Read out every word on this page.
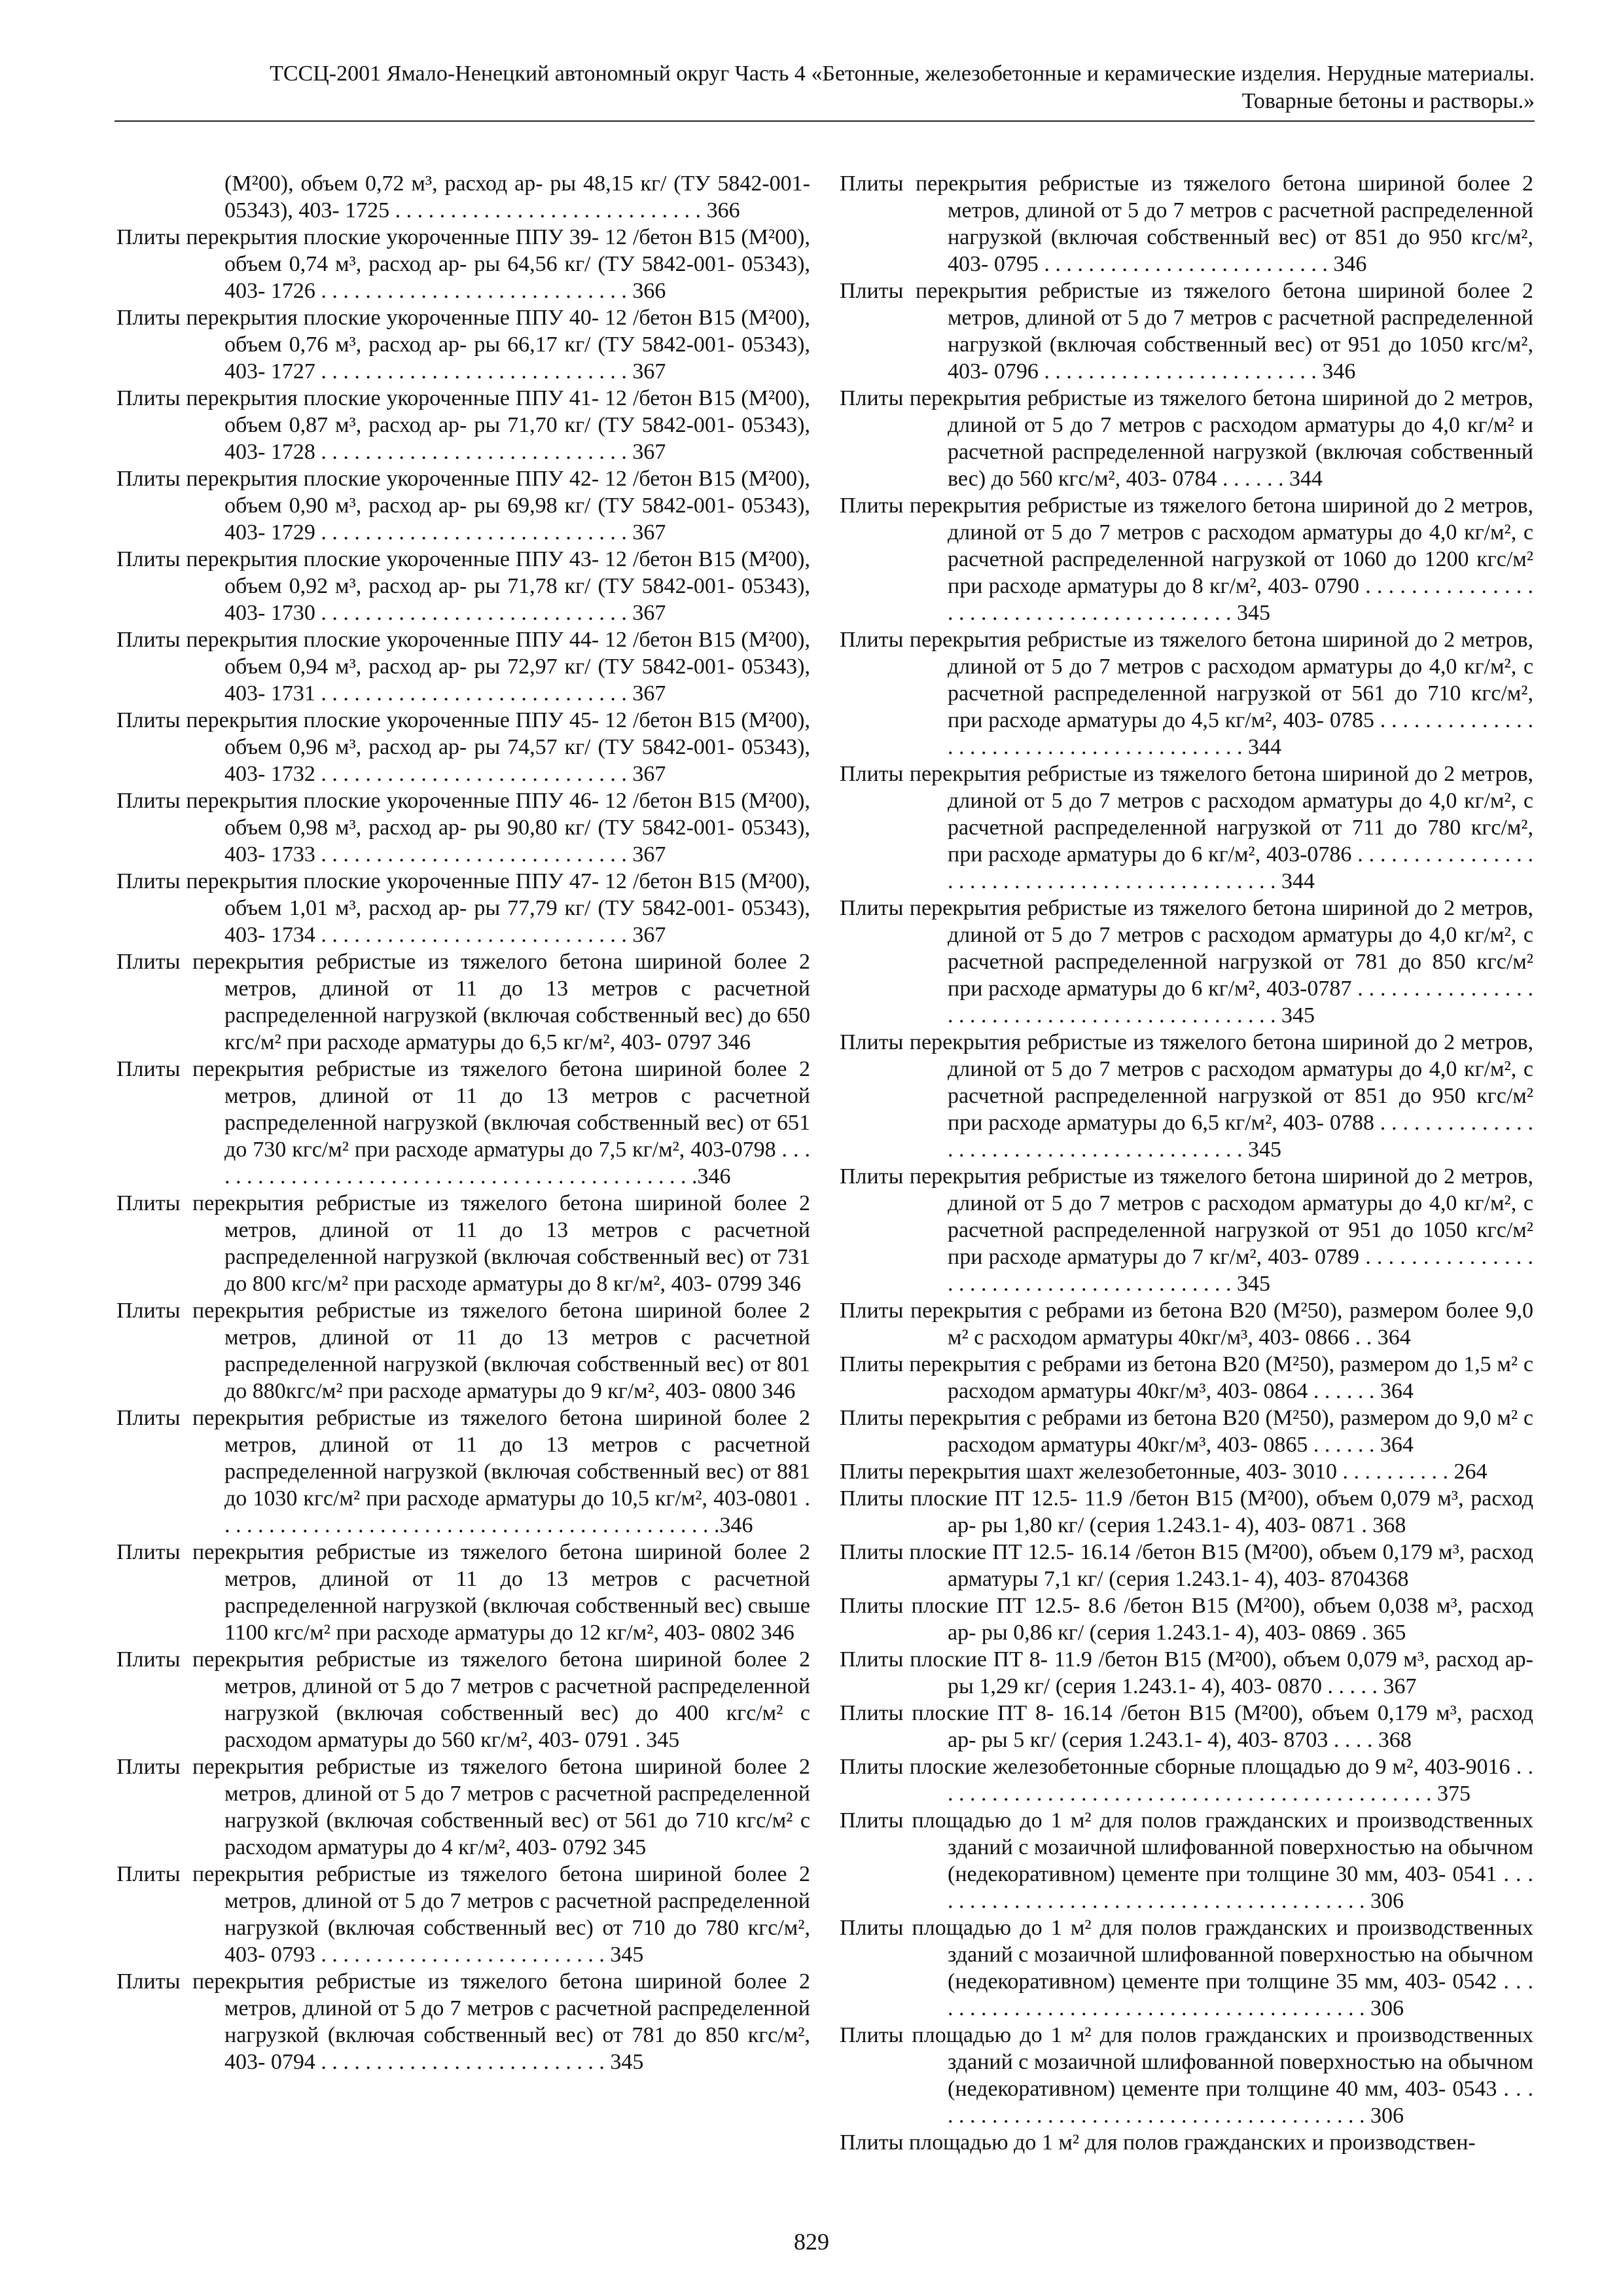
ТССЦ-2001 Ямало-Ненецкий автономный округ Часть 4 «Бетонные, железобетонные и керамические изделия. Нерудные материалы.
Товарные бетоны и растворы.»

(М²00), объем 0,72 м³, расход ар- ры 48,15 кг/ (ТУ 5842-001- 05343), 403- 1725 . . . . . . . . . . . . . . . . . . . . . . . . . . . . 366

Плиты перекрытия плоские укороченные ППУ 39- 12 /бетон В15 (М²00), объем 0,74 м³, расход ар- ры 64,56 кг/ (ТУ 5842-001- 05343), 403- 1726 . . . . . . . . . . . . . . . . . . . . . . . . . . . . 366

Плиты перекрытия плоские укороченные ППУ 40- 12 /бетон В15 (М²00), объем 0,76 м³, расход ар- ры 66,17 кг/ (ТУ 5842-001- 05343), 403- 1727 . . . . . . . . . . . . . . . . . . . . . . . . . . . . 367

Плиты перекрытия плоские укороченные ППУ 41- 12 /бетон В15 (М²00), объем 0,87 м³, расход ар- ры 71,70 кг/ (ТУ 5842-001- 05343), 403- 1728 . . . . . . . . . . . . . . . . . . . . . . . . . . . . 367

Плиты перекрытия плоские укороченные ППУ 42- 12 /бетон В15 (М²00), объем 0,90 м³, расход ар- ры 69,98 кг/ (ТУ 5842-001- 05343), 403- 1729 . . . . . . . . . . . . . . . . . . . . . . . . . . . . 367

Плиты перекрытия плоские укороченные ППУ 43- 12 /бетон В15 (М²00), объем 0,92 м³, расход ар- ры 71,78 кг/ (ТУ 5842-001- 05343), 403- 1730 . . . . . . . . . . . . . . . . . . . . . . . . . . . . 367

Плиты перекрытия плоские укороченные ППУ 44- 12 /бетон В15 (М²00), объем 0,94 м³, расход ар- ры 72,97 кг/ (ТУ 5842-001- 05343), 403- 1731 . . . . . . . . . . . . . . . . . . . . . . . . . . . . 367

Плиты перекрытия плоские укороченные ППУ 45- 12 /бетон В15 (М²00), объем 0,96 м³, расход ар- ры 74,57 кг/ (ТУ 5842-001- 05343), 403- 1732 . . . . . . . . . . . . . . . . . . . . . . . . . . . . 367

Плиты перекрытия плоские укороченные ППУ 46- 12 /бетон В15 (М²00), объем 0,98 м³, расход ар- ры 90,80 кг/ (ТУ 5842-001- 05343), 403- 1733 . . . . . . . . . . . . . . . . . . . . . . . . . . . . 367

Плиты перекрытия плоские укороченные ППУ 47- 12 /бетон В15 (М²00), объем 1,01 м³, расход ар- ры 77,79 кг/ (ТУ 5842-001- 05343), 403- 1734 . . . . . . . . . . . . . . . . . . . . . . . . . . . . 367

Плиты перекрытия ребристые из тяжелого бетона шириной более 2 метров, длиной от 11 до 13 метров с расчетной распределенной нагрузкой (включая собственный вес) до 650 кгс/м² при расходе арматуры до 6,5 кг/м², 403- 0797 346

Плиты перекрытия ребристые из тяжелого бетона шириной более 2 метров, длиной от 11 до 13 метров с расчетной распределенной нагрузкой (включая собственный вес) от 651 до 730 кгс/м² при расходе арматуры до 7,5 кг/м², 403-0798 . . . . . . . . . . . . . . . . . . . . . . . . . . . . . . . . . . . . . . . . . . . . . .346

Плиты перекрытия ребристые из тяжелого бетона шириной более 2 метров, длиной от 11 до 13 метров с расчетной распределенной нагрузкой (включая собственный вес) от 731 до 800 кгс/м² при расходе арматуры до 8 кг/м², 403- 0799 346

Плиты перекрытия ребристые из тяжелого бетона шириной более 2 метров, длиной от 11 до 13 метров с расчетной распределенной нагрузкой (включая собственный вес) от 801 до 880кгс/м² при расходе арматуры до 9 кг/м², 403- 0800 346

Плиты перекрытия ребристые из тяжелого бетона шириной более 2 метров, длиной от 11 до 13 метров с расчетной распределенной нагрузкой (включая собственный вес) от 881 до 1030 кгс/м² при расходе арматуры до 10,5 кг/м², 403-0801 . . . . . . . . . . . . . . . . . . . . . . . . . . . . . . . . . . . . . . . . . . . . . .346

Плиты перекрытия ребристые из тяжелого бетона шириной более 2 метров, длиной от 11 до 13 метров с расчетной распределенной нагрузкой (включая собственный вес) свыше 1100 кгс/м² при расходе арматуры до 12 кг/м², 403- 0802 346

Плиты перекрытия ребристые из тяжелого бетона шириной более 2 метров, длиной от 5 до 7 метров с расчетной распределенной нагрузкой (включая собственный вес) до 400 кгс/м² с расходом арматуры до 560 кг/м², 403- 0791 . 345

Плиты перекрытия ребристые из тяжелого бетона шириной более 2 метров, длиной от 5 до 7 метров с расчетной распределенной нагрузкой (включая собственный вес) от 561 до 710 кгс/м² с расходом арматуры до 4 кг/м², 403- 0792 345

Плиты перекрытия ребристые из тяжелого бетона шириной более 2 метров, длиной от 5 до 7 метров с расчетной распределенной нагрузкой (включая собственный вес) от 710 до 780 кгс/м², 403- 0793 . . . . . . . . . . . . . . . . . . . . . . . . . . 345

Плиты перекрытия ребристые из тяжелого бетона шириной более 2 метров, длиной от 5 до 7 метров с расчетной распределенной нагрузкой (включая собственный вес) от 781 до 850 кгс/м², 403- 0794 . . . . . . . . . . . . . . . . . . . . . . . . . . 345

Плиты перекрытия ребристые из тяжелого бетона шириной более 2 метров, длиной от 5 до 7 метров с расчетной распределенной нагрузкой (включая собственный вес) от 851 до 950 кгс/м², 403- 0795 . . . . . . . . . . . . . . . . . . . . . . . . . . 346

Плиты перекрытия ребристые из тяжелого бетона шириной более 2 метров, длиной от 5 до 7 метров с расчетной распределенной нагрузкой (включая собственный вес) от 951 до 1050 кгс/м², 403- 0796 . . . . . . . . . . . . . . . . . . . . . . . . . 346

Плиты перекрытия ребристые из тяжелого бетона шириной до 2 метров, длиной от 5 до 7 метров с расходом арматуры до 4,0 кг/м² и расчетной распределенной нагрузкой (включая собственный вес) до 560 кгс/м², 403- 0784 . . . . . . 344

Плиты перекрытия ребристые из тяжелого бетона шириной до 2 метров, длиной от 5 до 7 метров с расходом арматуры до 4,0 кг/м², с расчетной распределенной нагрузкой от 1060 до 1200 кгс/м² при расходе арматуры до 8 кг/м², 403- 0790 . . . . . . . . . . . . . . . . . . . . . . . . . . . . . . . . . . . . . . . . . 345

Плиты перекрытия ребристые из тяжелого бетона шириной до 2 метров, длиной от 5 до 7 метров с расходом арматуры до 4,0 кг/м², с расчетной распределенной нагрузкой от 561 до 710 кгс/м², при расходе арматуры до 4,5 кг/м², 403- 0785 . . . . . . . . . . . . . . . . . . . . . . . . . . . . . . . . . . . . . . . . . 344

Плиты перекрытия ребристые из тяжелого бетона шириной до 2 метров, длиной от 5 до 7 метров с расходом арматуры до 4,0 кг/м², с расчетной распределенной нагрузкой от 711 до 780 кгс/м², при расходе арматуры до 6 кг/м², 403-0786 . . . . . . . . . . . . . . . . . . . . . . . . . . . . . . . . . . . . . . . . . . . . . . 344

Плиты перекрытия ребристые из тяжелого бетона шириной до 2 метров, длиной от 5 до 7 метров с расходом арматуры до 4,0 кг/м², с расчетной распределенной нагрузкой от 781 до 850 кгс/м² при расходе арматуры до 6 кг/м², 403-0787 . . . . . . . . . . . . . . . . . . . . . . . . . . . . . . . . . . . . . . . . . . . . . . 345

Плиты перекрытия ребристые из тяжелого бетона шириной до 2 метров, длиной от 5 до 7 метров с расходом арматуры до 4,0 кг/м², с расчетной распределенной нагрузкой от 851 до 950 кгс/м² при расходе арматуры до 6,5 кг/м², 403- 0788 . . . . . . . . . . . . . . . . . . . . . . . . . . . . . . . . . . . . . . . . . 345

Плиты перекрытия ребристые из тяжелого бетона шириной до 2 метров, длиной от 5 до 7 метров с расходом арматуры до 4,0 кг/м², с расчетной распределенной нагрузкой от 951 до 1050 кгс/м² при расходе арматуры до 7 кг/м², 403- 0789 . . . . . . . . . . . . . . . . . . . . . . . . . . . . . . . . . . . . . . . . . 345

Плиты перекрытия с ребрами из бетона В20 (М²50), размером более 9,0 м² с расходом арматуры 40кг/м³, 403- 0866 . . 364

Плиты перекрытия с ребрами из бетона В20 (М²50), размером до 1,5 м² с расходом арматуры 40кг/м³, 403- 0864 . . . . . . 364

Плиты перекрытия с ребрами из бетона В20 (М²50), размером до 9,0 м² с расходом арматуры 40кг/м³, 403- 0865 . . . . . . 364

Плиты перекрытия шахт железобетонные, 403- 3010 . . . . . . . . . . 264

Плиты плоские ПТ 12.5- 11.9 /бетон В15 (М²00), объем 0,079 м³, расход ар- ры 1,80 кг/ (серия 1.243.1- 4), 403- 0871 . 368

Плиты плоские ПТ 12.5- 16.14 /бетон В15 (М²00), объем 0,179 м³, расход арматуры 7,1 кг/ (серия 1.243.1- 4), 403- 8704368

Плиты плоские ПТ 12.5- 8.6 /бетон В15 (М²00), объем 0,038 м³, расход ар- ры 0,86 кг/ (серия 1.243.1- 4), 403- 0869 . 365

Плиты плоские ПТ 8- 11.9 /бетон В15 (М²00), объем 0,079 м³, расход ар- ры 1,29 кг/ (серия 1.243.1- 4), 403- 0870 . . . . . 367

Плиты плоские ПТ 8- 16.14 /бетон В15 (М²00), объем 0,179 м³, расход ар- ры 5 кг/ (серия 1.243.1- 4), 403- 8703 . . . . 368

Плиты плоские железобетонные сборные площадью до 9 м², 403-9016 . . . . . . . . . . . . . . . . . . . . . . . . . . . . . . . . . . . . . . . . . . . . . . 375

Плиты площадью до 1 м² для полов гражданских и производственных зданий с мозаичной шлифованной поверхностью на обычном (недекоративном) цементе при толщине 30 мм, 403- 0541 . . . . . . . . . . . . . . . . . . . . . . . . . . . . . . . . . . . . . . . . . 306

Плиты площадью до 1 м² для полов гражданских и производственных зданий с мозаичной шлифованной поверхностью на обычном (недекоративном) цементе при толщине 35 мм, 403- 0542 . . . . . . . . . . . . . . . . . . . . . . . . . . . . . . . . . . . . . . . . . 306

Плиты площадью до 1 м² для полов гражданских и производственных зданий с мозаичной шлифованной поверхностью на обычном (недекоративном) цементе при толщине 40 мм, 403- 0543 . . . . . . . . . . . . . . . . . . . . . . . . . . . . . . . . . . . . . . . . . 306

Плиты площадью до 1 м² для полов гражданских и производствен-

829
